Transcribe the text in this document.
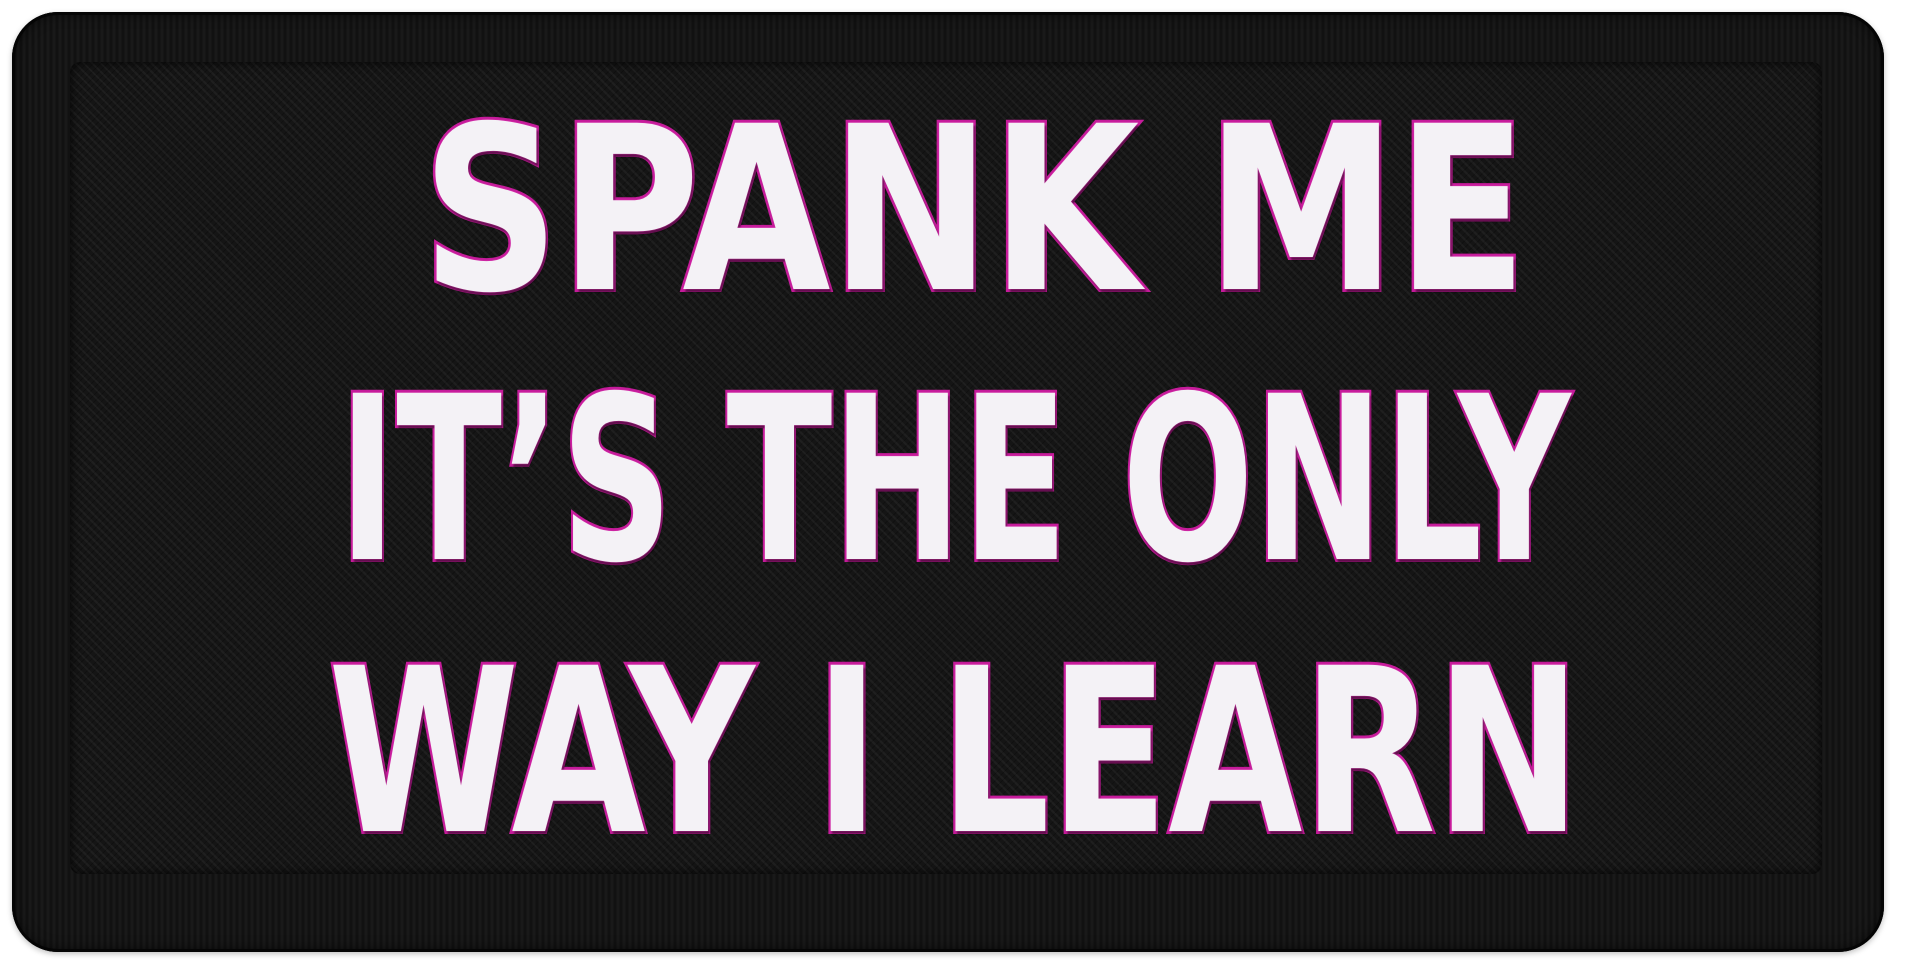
SPANK ME
IT’S THE ONLY
WAY I LEARN
